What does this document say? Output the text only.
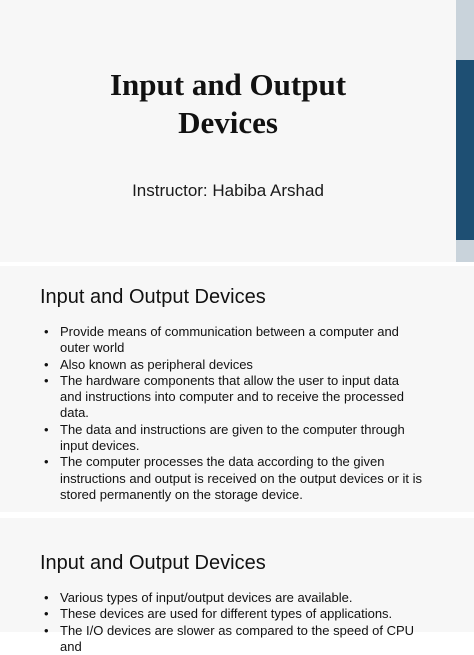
Input and Output
Devices
Instructor: Habiba Arshad
Input and Output Devices
• Provide means of communication between a computer and outer world
• Also known as peripheral devices
• The hardware components that allow the user to input data and instructions into computer and to receive the processed data.
• The data and instructions are given to the computer through input devices.
• The computer processes the data according to the given instructions and output is received on the output devices or it is stored permanently on the storage device.
Input and Output Devices
• Various types of input/output devices are available.
• These devices are used for different types of applications.
• The I/O devices are slower as compared to the speed of CPU and
